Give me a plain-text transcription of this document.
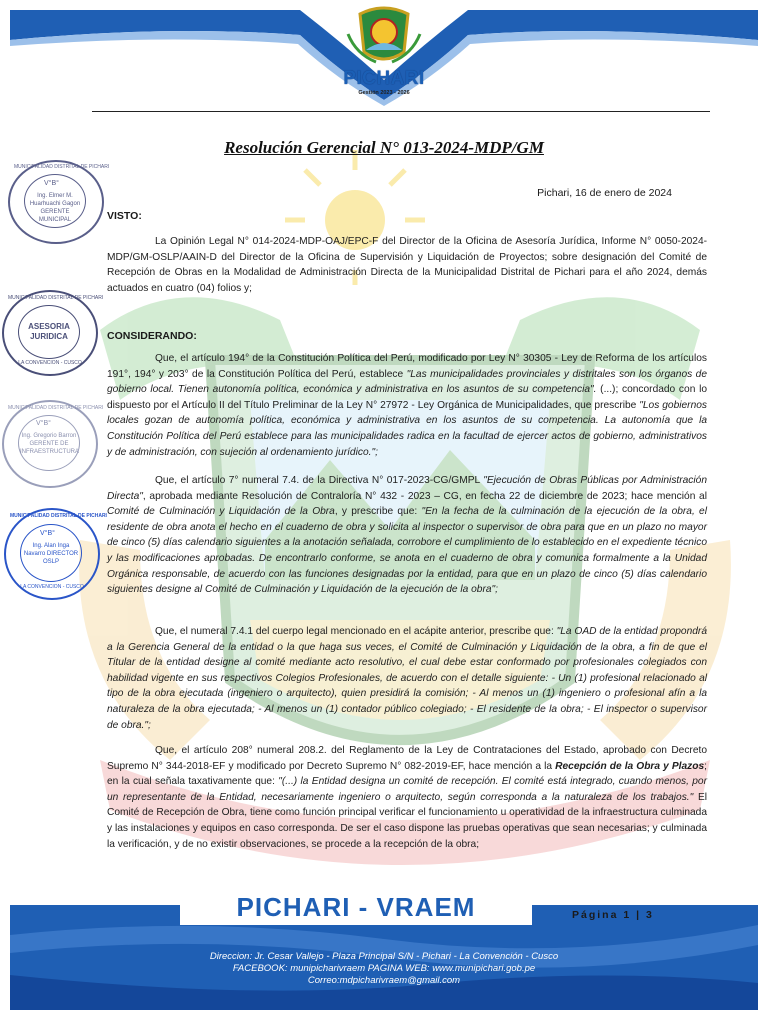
PICHARI
Gestión 2023 - 2026
Resolución Gerencial N° 013-2024-MDP/GM
V°B°
Ing. Elmer M. Huarhuachi Gagon GERENTE MUNICIPAL
MUNICIPALIDAD DISTRITAL DE PICHARI
MUNICIPALIDAD DISTRITAL DE PICHARI
ASESORIA JURIDICA
LA CONVENCION - CUSCO
MUNICIPALIDAD DISTRITAL DE PICHARI
V°B°
Ing. Gregorio Barron GERENTE DE INFRAESTRUCTURA
MUNICIPALIDAD DISTRITAL DE PICHARI
V°B°
Ing. Alan Inga Navarro DIRECTOR OSLP
LA CONVENCION - CUSCO
Pichari, 16 de enero de 2024
VISTO:
La Opinión Legal N° 014-2024-MDP-OAJ/EPC-F del Director de la Oficina de Asesoría Jurídica, Informe N° 0050-2024-MDP/GM-OSLP/AAIN-D del Director de la Oficina de Supervisión y Liquidación de Proyectos; sobre designación del Comité de Recepción de Obras en la Modalidad de Administración Directa de la Municipalidad Distrital de Pichari para el año 2024, demás actuados en cuatro (04) folios y;
CONSIDERANDO:
Que, el artículo 194° de la Constitución Política del Perú, modificado por Ley N° 30305 - Ley de Reforma de los artículos 191°, 194° y 203° de la Constitución Política del Perú, establece "Las municipalidades provinciales y distritales son los órganos de gobierno local. Tienen autonomía política, económica y administrativa en los asuntos de su competencia". (...); concordado con lo dispuesto por el Artículo II del Título Preliminar de la Ley N° 27972 - Ley Orgánica de Municipalidades, que prescribe "Los gobiernos locales gozan de autonomía política, económica y administrativa en los asuntos de su competencia. La autonomía que la Constitución Política del Perú establece para las municipalidades radica en la facultad de ejercer actos de gobierno, administrativos y de administración, con sujeción al ordenamiento jurídico.";
Que, el artículo 7° numeral 7.4. de la Directiva N° 017-2023-CG/GMPL "Ejecución de Obras Públicas por Administración Directa", aprobada mediante Resolución de Contraloría N° 432 - 2023 – CG, en fecha 22 de diciembre de 2023; hace mención al Comité de Culminación y Liquidación de la Obra, y prescribe que: "En la fecha de la culminación de la ejecución de la obra, el residente de obra anota el hecho en el cuaderno de obra y solicita al inspector o supervisor de obra para que en un plazo no mayor de cinco (5) días calendario siguientes a la anotación señalada, corrobore el cumplimiento de lo establecido en el expediente técnico y las modificaciones aprobadas. De encontrarlo conforme, se anota en el cuaderno de obra y comunica formalmente a la Unidad Orgánica responsable, de acuerdo con las funciones designadas por la entidad, para que en un plazo de cinco (5) días calendario siguientes designe al Comité de Culminación y Liquidación de la ejecución de la obra";
Que, el numeral 7.4.1 del cuerpo legal mencionado en el acápite anterior, prescribe que: "La OAD de la entidad propondrá a la Gerencia General de la entidad o la que haga sus veces, el Comité de Culminación y Liquidación de la obra, a fin de que el Titular de la entidad designe al comité mediante acto resolutivo, el cual debe estar conformado por profesionales colegiados con habilidad vigente en sus respectivos Colegios Profesionales, de acuerdo con el detalle siguiente: - Un (1) profesional relacionado al tipo de la obra ejecutada (ingeniero o arquitecto), quien presidirá la comisión; - Al menos un (1) ingeniero o profesional afín a la naturaleza de la obra ejecutada; - Al menos un (1) contador público colegiado; - El residente de la obra; - El inspector o supervisor de obra.";
Que, el artículo 208° numeral 208.2. del Reglamento de la Ley de Contrataciones del Estado, aprobado con Decreto Supremo N° 344-2018-EF y modificado por Decreto Supremo N° 082-2019-EF, hace mención a la Recepción de la Obra y Plazos; en la cual señala taxativamente que: "(...) la Entidad designa un comité de recepción. El comité está integrado, cuando menos, por un representante de la Entidad, necesariamente ingeniero o arquitecto, según corresponda a la naturaleza de los trabajos." El Comité de Recepción de Obra, tiene como función principal verificar el funcionamiento u operatividad de la infraestructura culminada y las instalaciones y equipos en caso corresponda. De ser el caso dispone las pruebas operativas que sean necesarias; y culminada la verificación, y de no existir observaciones, se procede a la recepción de la obra;
PICHARI - VRAEM	Página 1 | 3
Direccion: Jr. Cesar Vallejo - Plaza Principal S/N - Pichari - La Convención - Cusco
FACEBOOK: munipicharivraem PAGINA WEB: www.munipichari.gob.pe
Correo:mdpicharivraem@gmail.com
